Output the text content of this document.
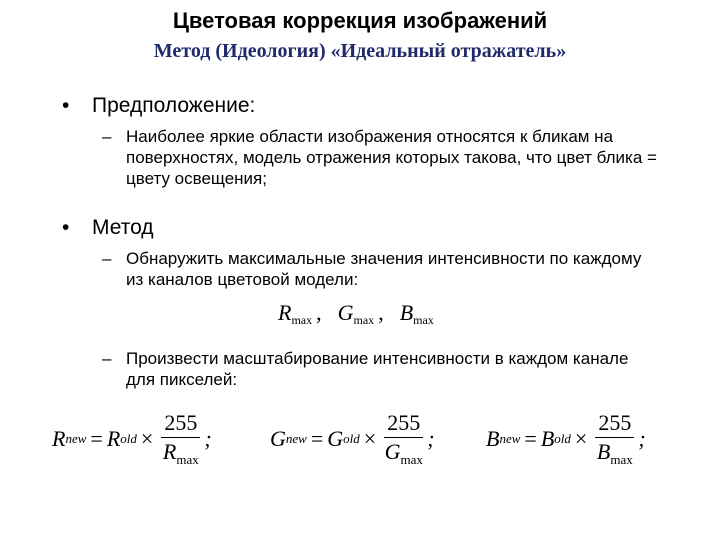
Цветовая коррекция изображений
Метод (Идеология) «Идеальный отражатель»
• Предположение:
– Наиболее яркие области изображения относятся к бликам на поверхностях, модель отражения которых такова, что цвет блика = цвету освещения;
• Метод
– Обнаружить максимальные значения интенсивности по каждому из каналов цветовой модели:
Rmax , Gmax , Bmax
– Произвести масштабирование интенсивности в каждом канале для пикселей:
R new = R old × $\frac{255}{R_{max}}$ ;	G new = G old × $\frac{255}{G_{max}}$ ; B new = B old × $\frac{255}{B_{max}}$ ;
